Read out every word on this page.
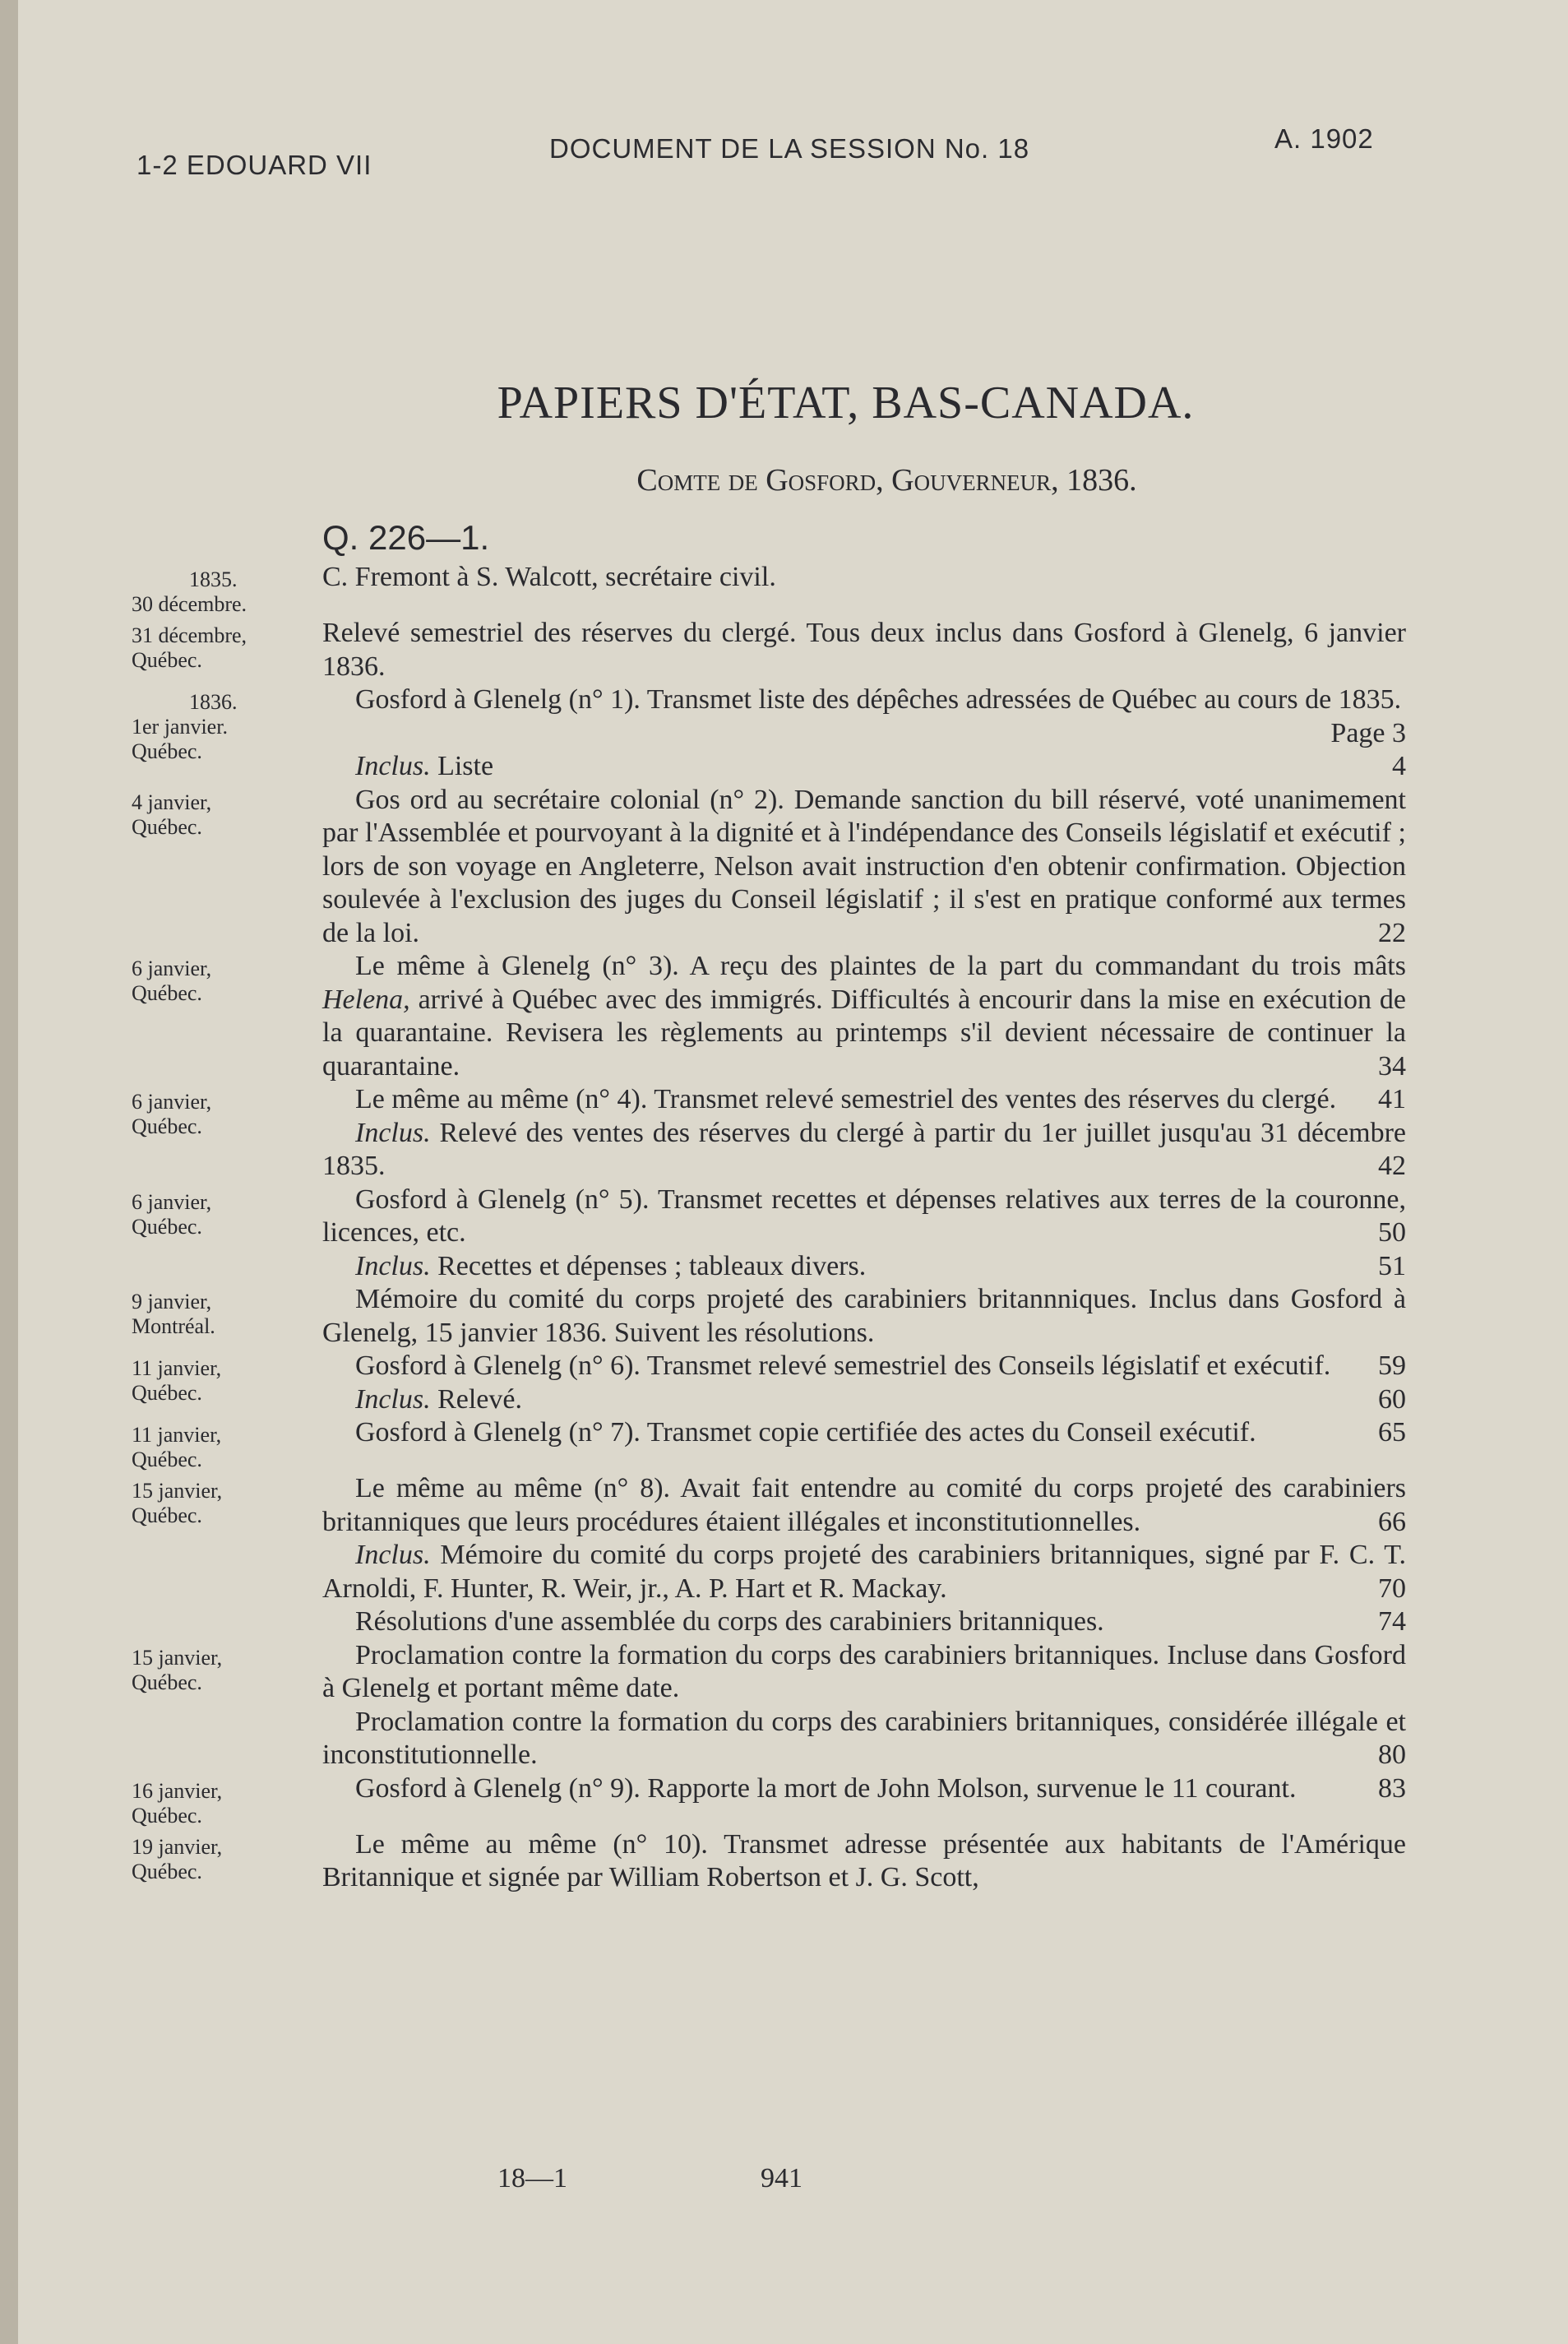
1-2 EDOUARD VII
DOCUMENT DE LA SESSION No. 18	A. 1902
PAPIERS D'ÉTAT, BAS-CANADA.
Comte de Gosford, Gouverneur, 1836.
Q. 226—1.
1835.
30 décembre.

C. Fremont à S. Walcott, secrétaire civil.

31 décembre,
Québec.

Relevé semestriel des réserves du clergé. Tous deux inclus dans Gosford à Glenelg, 6 janvier 1836.

1836.
1er janvier.
Québec.

Gosford à Glenelg (n° 1). Transmet liste des dépêches adressées de Québec au cours de 1835.
Page 3

Inclus. Liste	4

4 janvier,
Québec.

Gos ord au secrétaire colonial (n° 2). Demande sanction du bill réservé, voté unanimement par l'Assemblée et pourvoyant à la dignité et à l'indépendance des Conseils législatif et exécutif ; lors de son voyage en Angleterre, Nelson avait instruction d'en obtenir confirmation. Objection soulevée à l'exclusion des juges du Conseil législatif ; il s'est en pratique conformé aux termes de la loi.	22

6 janvier,
Québec.

Le même à Glenelg (n° 3). A reçu des plaintes de la part du commandant du trois mâts Helena, arrivé à Québec avec des immigrés. Difficultés à encourir dans la mise en exécution de la quarantaine. Revisera les règlements au printemps s'il devient nécessaire de continuer la quarantaine.	34

6 janvier,
Québec.

Le même au même (n° 4). Transmet relevé semestriel des ventes des réserves du clergé.	41

Inclus. Relevé des ventes des réserves du clergé à partir du 1er juillet jusqu'au 31 décembre 1835.	42

6 janvier,
Québec.

Gosford à Glenelg (n° 5). Transmet recettes et dépenses relatives aux terres de la couronne, licences, etc.	50

Inclus. Recettes et dépenses ; tableaux divers.	51

9 janvier,
Montréal.

Mémoire du comité du corps projeté des carabiniers britannniques. Inclus dans Gosford à Glenelg, 15 janvier 1836. Suivent les résolutions.

11 janvier,
Québec.

Gosford à Glenelg (n° 6). Transmet relevé semestriel des Conseils législatif et exécutif.	59

Inclus. Relevé.	60

11 janvier,
Québec.

Gosford à Glenelg (n° 7). Transmet copie certifiée des actes du Conseil exécutif.	65

15 janvier,
Québec.

Le même au même (n° 8). Avait fait entendre au comité du corps projeté des carabiniers britanniques que leurs procédures étaient illégales et inconstitutionnelles.	66

Inclus. Mémoire du comité du corps projeté des carabiniers britanniques, signé par F. C. T. Arnoldi, F. Hunter, R. Weir, jr., A. P. Hart et R. Mackay.	70

Résolutions d'une assemblée du corps des carabiniers britanniques.	74

15 janvier,
Québec.

Proclamation contre la formation du corps des carabiniers britanniques. Incluse dans Gosford à Glenelg et portant même date.

Proclamation contre la formation du corps des carabiniers britanniques, considérée illégale et inconstitutionnelle.	80

16 janvier,
Québec.

Gosford à Glenelg (n° 9). Rapporte la mort de John Molson, survenue le 11 courant.	83

19 janvier,
Québec.

Le même au même (n° 10). Transmet adresse présentée aux habitants de l'Amérique Britannique et signée par William Robertson et J. G. Scott,

18—1	941
